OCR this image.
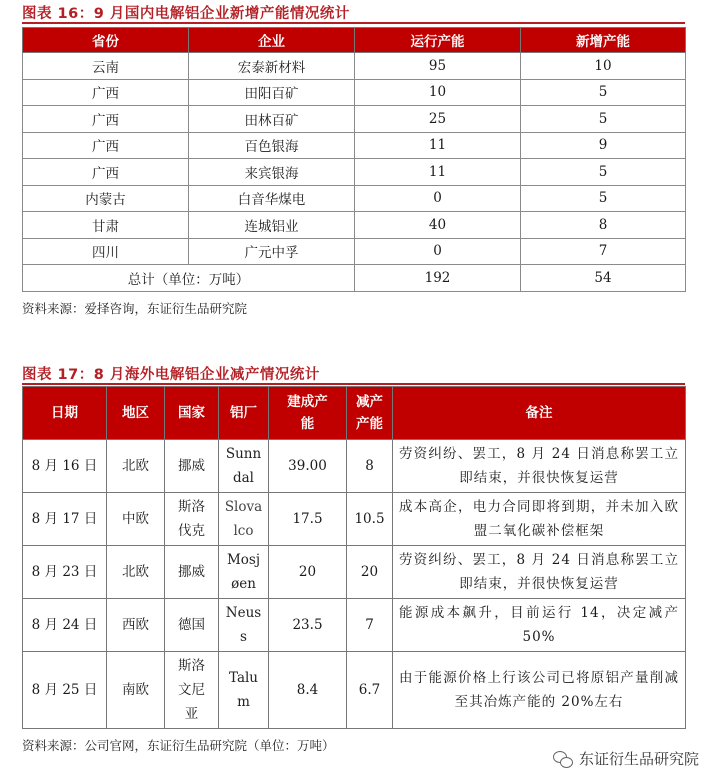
图表 16：9 月国内电解铝企业新增产能情况统计
省份	企业	运行产能	新增产能
云南	宏泰新材料	95	10
广西	田阳百矿	10	5
广西	田林百矿	25	5
广西	百色银海	11	9
广西	来宾银海	11	5
内蒙古	白音华煤电	0	5
甘肃	连城铝业	40	8
四川	广元中孚	0	7
总计（单位：万吨）		192	54
资料来源：爱择咨询，东证衍生品研究院
图表 17：8 月海外电解铝企业减产情况统计
日期	地区	国家	铝厂	建成产能	减产产能	备注
8 月 16 日	北欧	挪威	Sunndal	39.00	8	劳资纠纷、罢工，8 月 24 日消息称罢工立即结束，并很快恢复运营
8 月 17 日	中欧	斯洛伐克	Slovalco	17.5	10.5	成本高企，电力合同即将到期，并未加入欧盟二氧化碳补偿框架
8 月 23 日	北欧	挪威	Mosjøen	20	20	劳资纠纷、罢工，8 月 24 日消息称罢工立即结束，并很快恢复运营
8 月 24 日	西欧	德国	Neuss	23.5	7	能源成本飙升，目前运行 14，决定减产 50%
8 月 25 日	南欧	斯洛文尼亚	Talum	8.4	6.7	由于能源价格上行该公司已将原铝产量削减至其冶炼产能的 20%左右
资料来源：公司官网，东证衍生品研究院（单位：万吨）
东证衍生品研究院
